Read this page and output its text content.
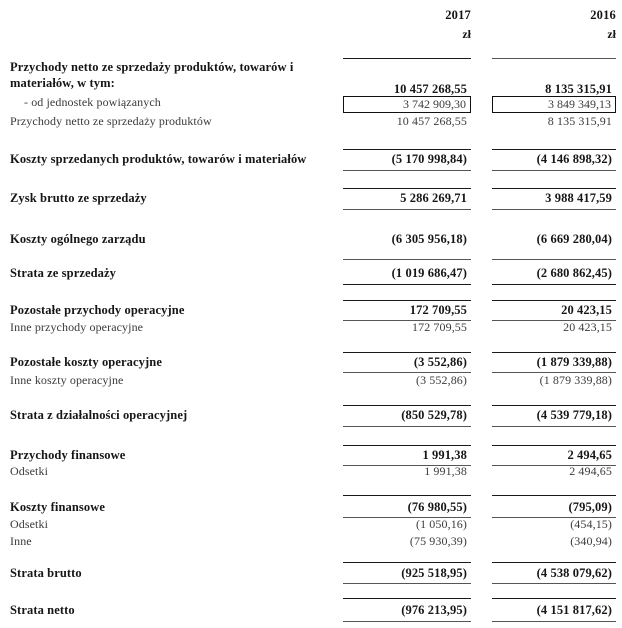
2017	2016
zł	zł
Przychody netto ze sprzedaży produktów, towarów i
materiałów, w tym:	10 457 268,55	8 135 315,91
- od jednostek powiązanych	3 742 909,30	3 849 349,13
Przychody netto ze sprzedaży produktów	10 457 268,55	8 135 315,91
Koszty sprzedanych produktów, towarów i materiałów	(5 170 998,84)	(4 146 898,32)
Zysk brutto ze sprzedaży	5 286 269,71	3 988 417,59
Koszty ogólnego zarządu	(6 305 956,18)	(6 669 280,04)
Strata ze sprzedaży	(1 019 686,47)	(2 680 862,45)
Pozostałe przychody operacyjne	172 709,55	20 423,15
Inne przychody operacyjne	172 709,55	20 423,15
Pozostałe koszty operacyjne	(3 552,86)	(1 879 339,88)
Inne koszty operacyjne	(3 552,86)	(1 879 339,88)
Strata z działalności operacyjnej	(850 529,78)	(4 539 779,18)
Przychody finansowe	1 991,38	2 494,65
Odsetki	1 991,38	2 494,65
Koszty finansowe	(76 980,55)	(795,09)
Odsetki	(1 050,16)	(454,15)
Inne	(75 930,39)	(340,94)
Strata brutto	(925 518,95)	(4 538 079,62)
Strata netto	(976 213,95)	(4 151 817,62)
